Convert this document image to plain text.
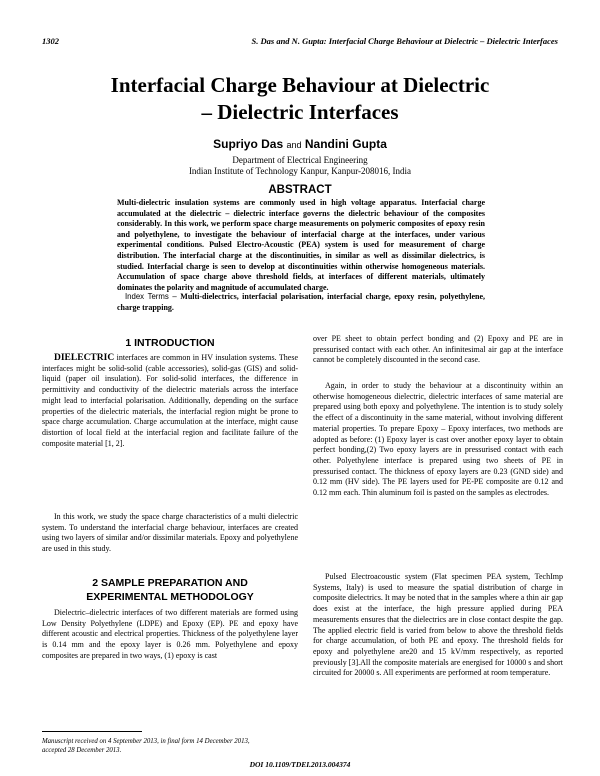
1302	S. Das and N. Gupta: Interfacial Charge Behaviour at Dielectric – Dielectric Interfaces
Interfacial Charge Behaviour at Dielectric
– Dielectric Interfaces
Supriyo Das and Nandini Gupta
Department of Electrical Engineering
Indian Institute of Technology Kanpur, Kanpur-208016, India
ABSTRACT

Multi-dielectric insulation systems are commonly used in high voltage apparatus. Interfacial charge accumulated at the dielectric – dielectric interface governs the dielectric behaviour of the composites considerably. In this work, we perform space charge measurements on polymeric composites of epoxy resin and polyethylene, to investigate the behaviour of interfacial charge at the interfaces, under various experimental conditions. Pulsed Electro-Acoustic (PEA) system is used for measurement of charge distribution. The interfacial charge at the discontinuities, in similar as well as dissimilar dielectrics, is studied. Interfacial charge is seen to develop at discontinuities within otherwise homogeneous materials. Accumulation of space charge above threshold fields, at interfaces of different materials, ultimately dominates the polarity and magnitude of accumulated charge.

Index Terms – Multi-dielectrics, interfacial polarisation, interfacial charge, epoxy resin, polyethylene, charge trapping.

1 INTRODUCTION

DIELECTRIC interfaces are common in HV insulation systems. These interfaces might be solid-solid (cable accessories), solid-gas (GIS) and solid-liquid (paper oil insulation). For solid-solid interfaces, the difference in permittivity and conductivity of the dielectric materials across the interface might lead to interfacial polarisation. Additionally, depending on the surface properties of the dielectric materials, the interfacial region might be prone to space charge accumulation. Charge accumulation at the interface, might cause distortion of local field at the interfacial region and facilitate failure of the composite material [1, 2].

In this work, we study the space charge characteristics of a multi dielectric system. To understand the interfacial charge behaviour, interfaces are created using two layers of similar and/or dissimilar materials. Epoxy and polyethylene are used in this study.

2 SAMPLE PREPARATION AND
EXPERIMENTAL METHODOLOGY

Dielectric–dielectric interfaces of two different materials are formed using Low Density Polyethylene (LDPE) and Epoxy (EP). PE and epoxy have different acoustic and electrical properties. Thickness of the polyethylene layer is 0.14 mm and the epoxy layer is 0.26 mm. Polyethylene and epoxy composites are prepared in two ways, (1) epoxy is cast

over PE sheet to obtain perfect bonding and (2) Epoxy and PE are in pressurised contact with each other. An infinitesimal air gap at the interface cannot be completely discounted in the second case.

Again, in order to study the behaviour at a discontinuity within an otherwise homogeneous dielectric, dielectric interfaces of same material are prepared using both epoxy and polyethylene. The intention is to study solely the effect of a discontinuity in the same material, without involving different material properties. To prepare Epoxy – Epoxy interfaces, two methods are adopted as before: (1) Epoxy layer is cast over another epoxy layer to obtain perfect bonding,(2) Two epoxy layers are in pressurised contact with each other. Polyethylene interface is prepared using two sheets of PE in pressurised contact. The thickness of epoxy layers are 0.23 (GND side) and 0.12 mm (HV side). The PE layers used for PE-PE composite are 0.12 and 0.12 mm each. Thin aluminum foil is pasted on the samples as electrodes.

Pulsed Electroacoustic system (Flat specimen PEA system, TechImp Systems, Italy) is used to measure the spatial distribution of charge in composite dielectrics. It may be noted that in the samples where a thin air gap does exist at the interface, the high pressure applied during PEA measurements ensures that the dielectrics are in close contact despite the gap. The applied electric field is varied from below to above the threshold fields for charge accumulation, of both PE and epoxy. The threshold fields for epoxy and polyethylene are20 and 15 kV/mm respectively, as reported previously [3].All the composite materials are energised for 10000 s and short circuited for 20000 s. All experiments are performed at room temperature.

Manuscript received on 4 September 2013, in final form 14 December 2013,
accepted 28 December 2013.

DOI 10.1109/TDEI.2013.004374
